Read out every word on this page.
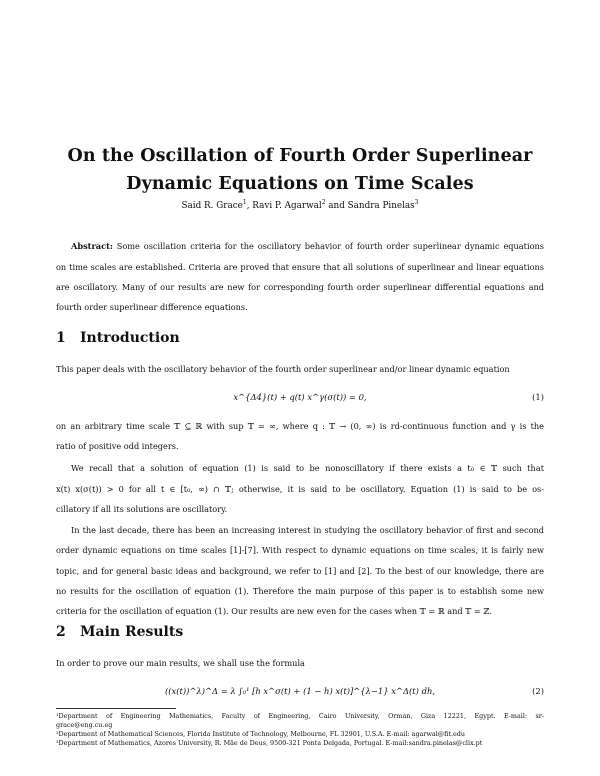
On the Oscillation of Fourth Order Superlinear
Dynamic Equations on Time Scales
Said R. Grace$^1$, Ravi P. Agarwal$^2$ and Sandra Pinelas$^3$
Abstract: Some oscillation criteria for the oscillatory behavior of fourth order superlinear dynamic equations
on time scales are established. Criteria are proved that ensure that all solutions of superlinear and linear equations
are oscillatory. Many of our results are new for corresponding fourth order superlinear differential equations and
fourth order superlinear difference equations.
1 Introduction
This paper deals with the oscillatory behavior of the fourth order superlinear and/or linear dynamic equation
x^{Δ4}(t) + q(t) x^γ(σ(t)) = 0,	(1)
on an arbitrary time scale 𝕋 ⊆ ℝ with sup 𝕋 = ∞, where q : 𝕋 → (0, ∞) is rd-continuous function and γ is the
ratio of positive odd integers.
We recall that a solution of equation (1) is said to be nonoscillatory if there exists a t₀ ∈ 𝕋 such that
x(t) x(σ(t)) > 0 for all t ∈ [t₀, ∞) ∩ 𝕋; otherwise, it is said to be oscillatory. Equation (1) is said to be os-
cillatory if all its solutions are oscillatory.
In the last decade, there has been an increasing interest in studying the oscillatory behavior of first and second
order dynamic equations on time scales [1]-[7]. With respect to dynamic equations on time scales, it is fairly new
topic, and for general basic ideas and background, we refer to [1] and [2]. To the best of our knowledge, there are
no results for the oscillation of equation (1). Therefore the main purpose of this paper is to establish some new
criteria for the oscillation of equation (1). Our results are new even for the cases when 𝕋 = ℝ and 𝕋 = ℤ.
2 Main Results
In order to prove our main results, we shall use the formula
((x(t))^λ)^Δ = λ ∫₀¹ [h x^σ(t) + (1 − h) x(t)]^{λ−1} x^Δ(t) dh,	(2)
¹Department of Engineering Mathematics, Faculty of Engineering, Cairo University, Orman, Giza 12221, Egypt. E-mail: sr-
grace@eng.cu.eg
²Department of Mathematical Sciences, Florida Institute of Technology, Melbourne, FL 32901, U.S.A. E-mail: agarwal@fit.edu
³Department of Mathematics, Azores University, R. Mãe de Deus, 9500-321 Ponta Delgada, Portugal. E-mail:sandra.pinelas@clix.pt
